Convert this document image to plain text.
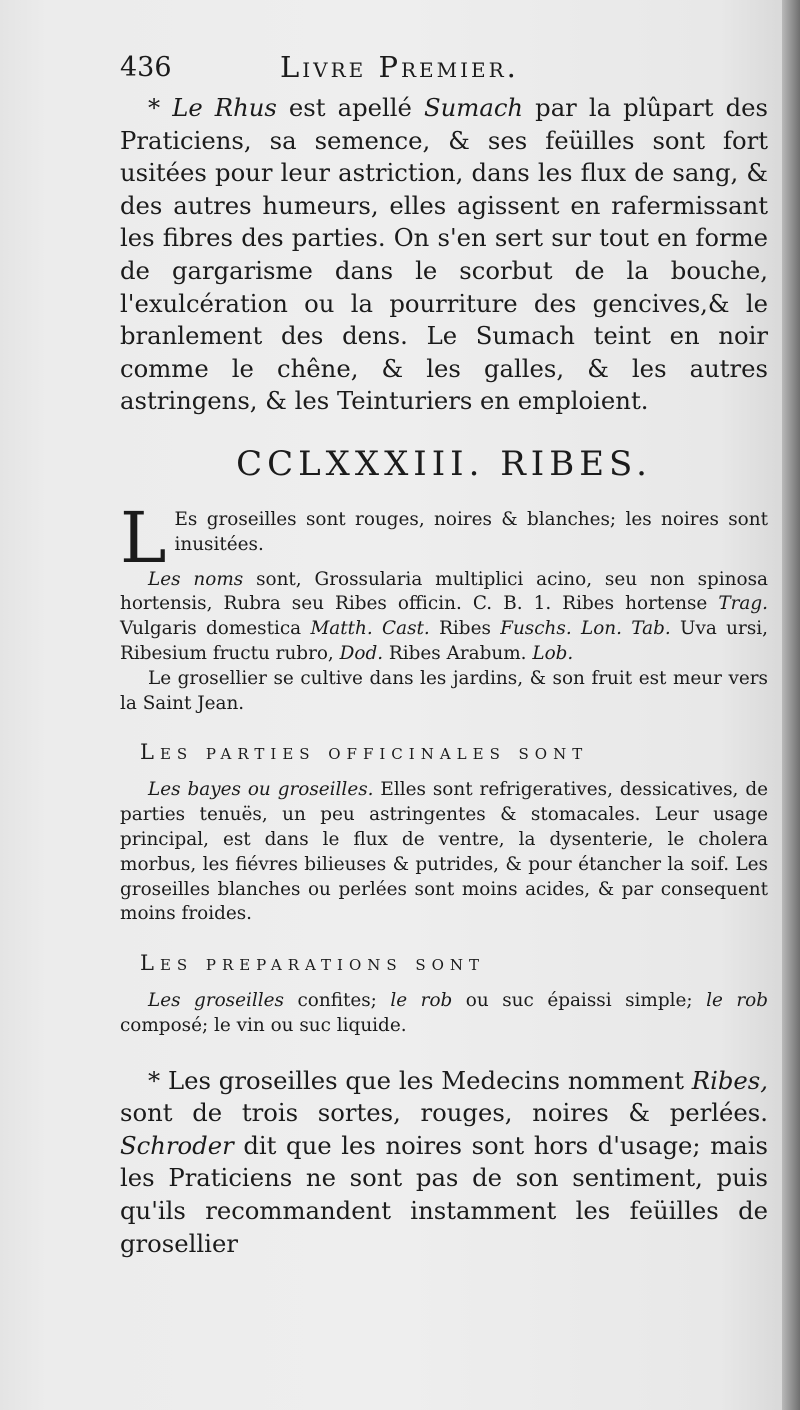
436	Livre Premier.

* Le Rhus est apellé Sumach par la plûpart des Praticiens, sa semence, & ses feüilles sont fort usitées pour leur astriction, dans les flux de sang, & des autres humeurs, elles agissent en rafermissant les fibres des parties. On s'en sert sur tout en forme de gargarisme dans le scorbut de la bouche, l'exulcération ou la pourriture des gencives,& le branlement des dens. Le Sumach teint en noir comme le chêne, & les galles, & les autres astringens, & les Teinturiers en emploient.

CCLXXXIII. RIBES.

L Es groseilles sont rouges, noires & blanches; les noires sont inusitées.

Les noms sont, Grossularia multiplici acino, seu non spinosa hortensis, Rubra seu Ribes officin. C. B. 1. Ribes hortense Trag. Vulgaris domestica Matth. Cast. Ribes Fuschs. Lon. Tab. Uva ursi, Ribesium fructu rubro, Dod. Ribes Arabum. Lob.

Le grosellier se cultive dans les jardins, & son fruit est meur vers la Saint Jean.

Les parties officinales sont

Les bayes ou groseilles. Elles sont refrigeratives, dessicatives, de parties tenuës, un peu astringentes & stomacales. Leur usage principal, est dans le flux de ventre, la dysenterie, le cholera morbus, les fiévres bilieuses & putrides, & pour étancher la soif. Les groseilles blanches ou perlées sont moins acides, & par consequent moins froides.

Les preparations sont

Les groseilles confites; le rob ou suc épaissi simple; le rob composé; le vin ou suc liquide.

* Les groseilles que les Medecins nomment Ribes, sont de trois sortes, rouges, noires & perlées. Schroder dit que les noires sont hors d'usage; mais les Praticiens ne sont pas de son sentiment, puis qu'ils recommandent instamment les feüilles de grosellier
